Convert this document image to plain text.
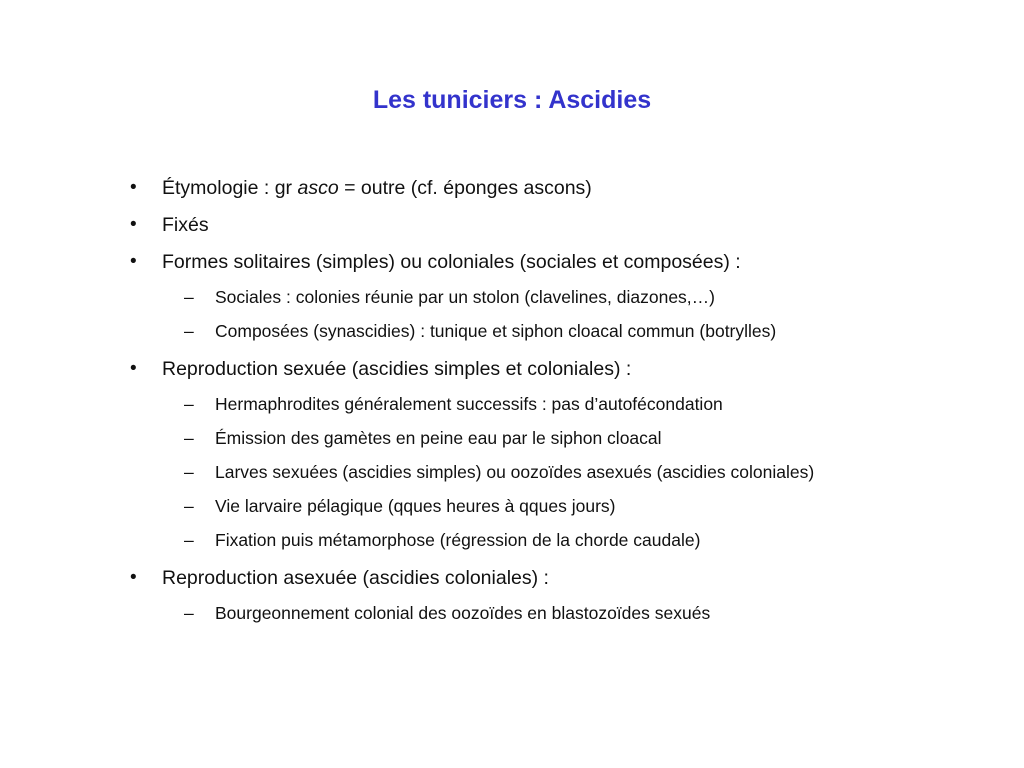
Les tuniciers : Ascidies
• Étymologie : gr asco = outre (cf. éponges ascons)
• Fixés
• Formes solitaires (simples) ou coloniales (sociales et composées) :
– Sociales : colonies réunie par un stolon (clavelines, diazones,…)
– Composées (synascidies) : tunique et siphon cloacal commun (botrylles)
• Reproduction sexuée (ascidies simples et coloniales) :
– Hermaphrodites généralement successifs : pas d’autofécondation
– Émission des gamètes en peine eau par le siphon cloacal
– Larves sexuées (ascidies simples) ou oozoïdes asexués (ascidies coloniales)
– Vie larvaire pélagique (qques heures à qques jours)
– Fixation puis métamorphose (régression de la chorde caudale)
• Reproduction asexuée (ascidies coloniales) :
– Bourgeonnement colonial des oozoïdes en blastozoïdes sexués
